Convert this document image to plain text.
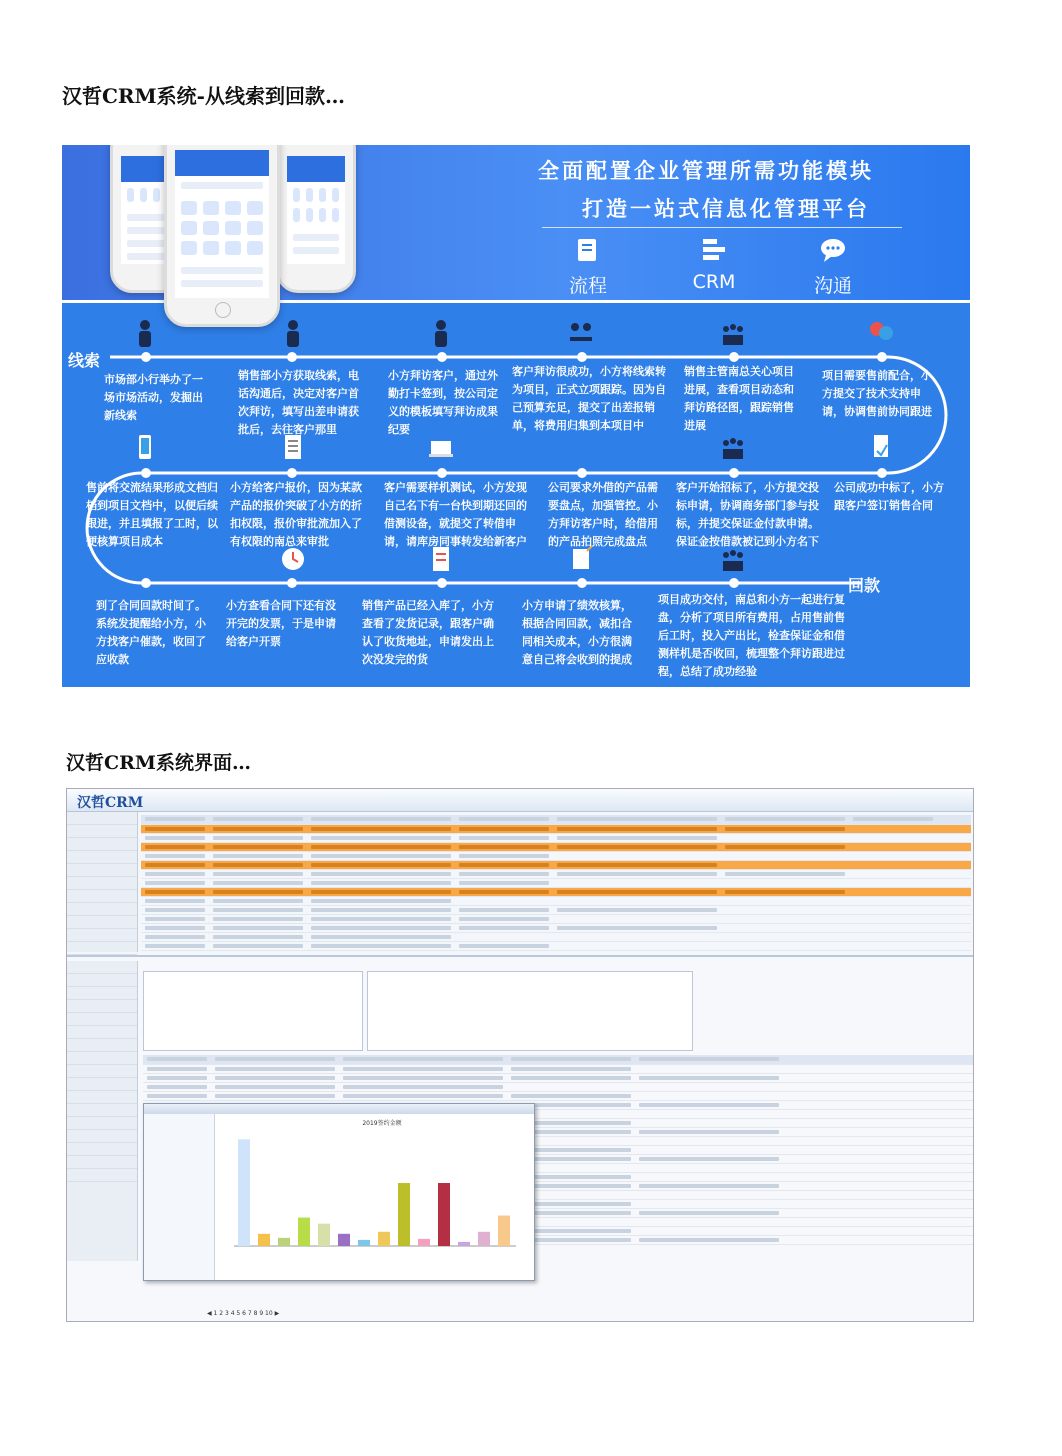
汉哲CRM系统-从线索到回款…
全面配置企业管理所需功能模块
打造一站式信息化管理平台
流程	CRM	沟通
线索
回款
市场部小行举办了一场市场活动，发掘出新线索
销售部小方获取线索，电话沟通后，决定对客户首次拜访，填写出差申请获批后，去往客户那里
小方拜访客户，通过外勤打卡签到，按公司定义的模板填写拜访成果纪要
客户拜访很成功，小方将线索转为项目，正式立项跟踪。因为自己预算充足，提交了出差报销单，将费用归集到本项目中
销售主管南总关心项目进展，查看项目动态和拜访路径图，跟踪销售进展
项目需要售前配合，小方提交了技术支持申请，协调售前协同跟进
售前将交流结果形成文档归档到项目文档中，以便后续跟进，并且填报了工时，以便核算项目成本
小方给客户报价，因为某款产品的报价突破了小方的折扣权限，报价审批流加入了有权限的南总来审批
客户需要样机测试，小方发现自己名下有一台快到期还回的借测设备，就提交了转借申请，请库房同事转发给新客户
公司要求外借的产品需要盘点，加强管控。小方拜访客户时，给借用的产品拍照完成盘点
客户开始招标了，小方提交投标申请，协调商务部门参与投标，并提交保证金付款申请。保证金按借款被记到小方名下
公司成功中标了，小方跟客户签订销售合同
到了合同回款时间了。系统发提醒给小方，小方找客户催款，收回了应收款
小方查看合同下还有没开完的发票，于是申请给客户开票
销售产品已经入库了，小方查看了发货记录，跟客户确认了收货地址，申请发出上次没发完的货
小方申请了绩效核算，根据合同回款，减扣合同相关成本，小方很满意自己将会收到的提成
项目成功交付，南总和小方一起进行复盘，分析了项目所有费用，占用售前售后工时，投入产出比，检查保证金和借测样机是否收回，梳理整个拜访跟进过程，总结了成功经验
汉哲CRM系统界面…
汉哲CRM
◀ 1 2 3 4 5 6 7 8 9 10 ▶
2019签约金额
